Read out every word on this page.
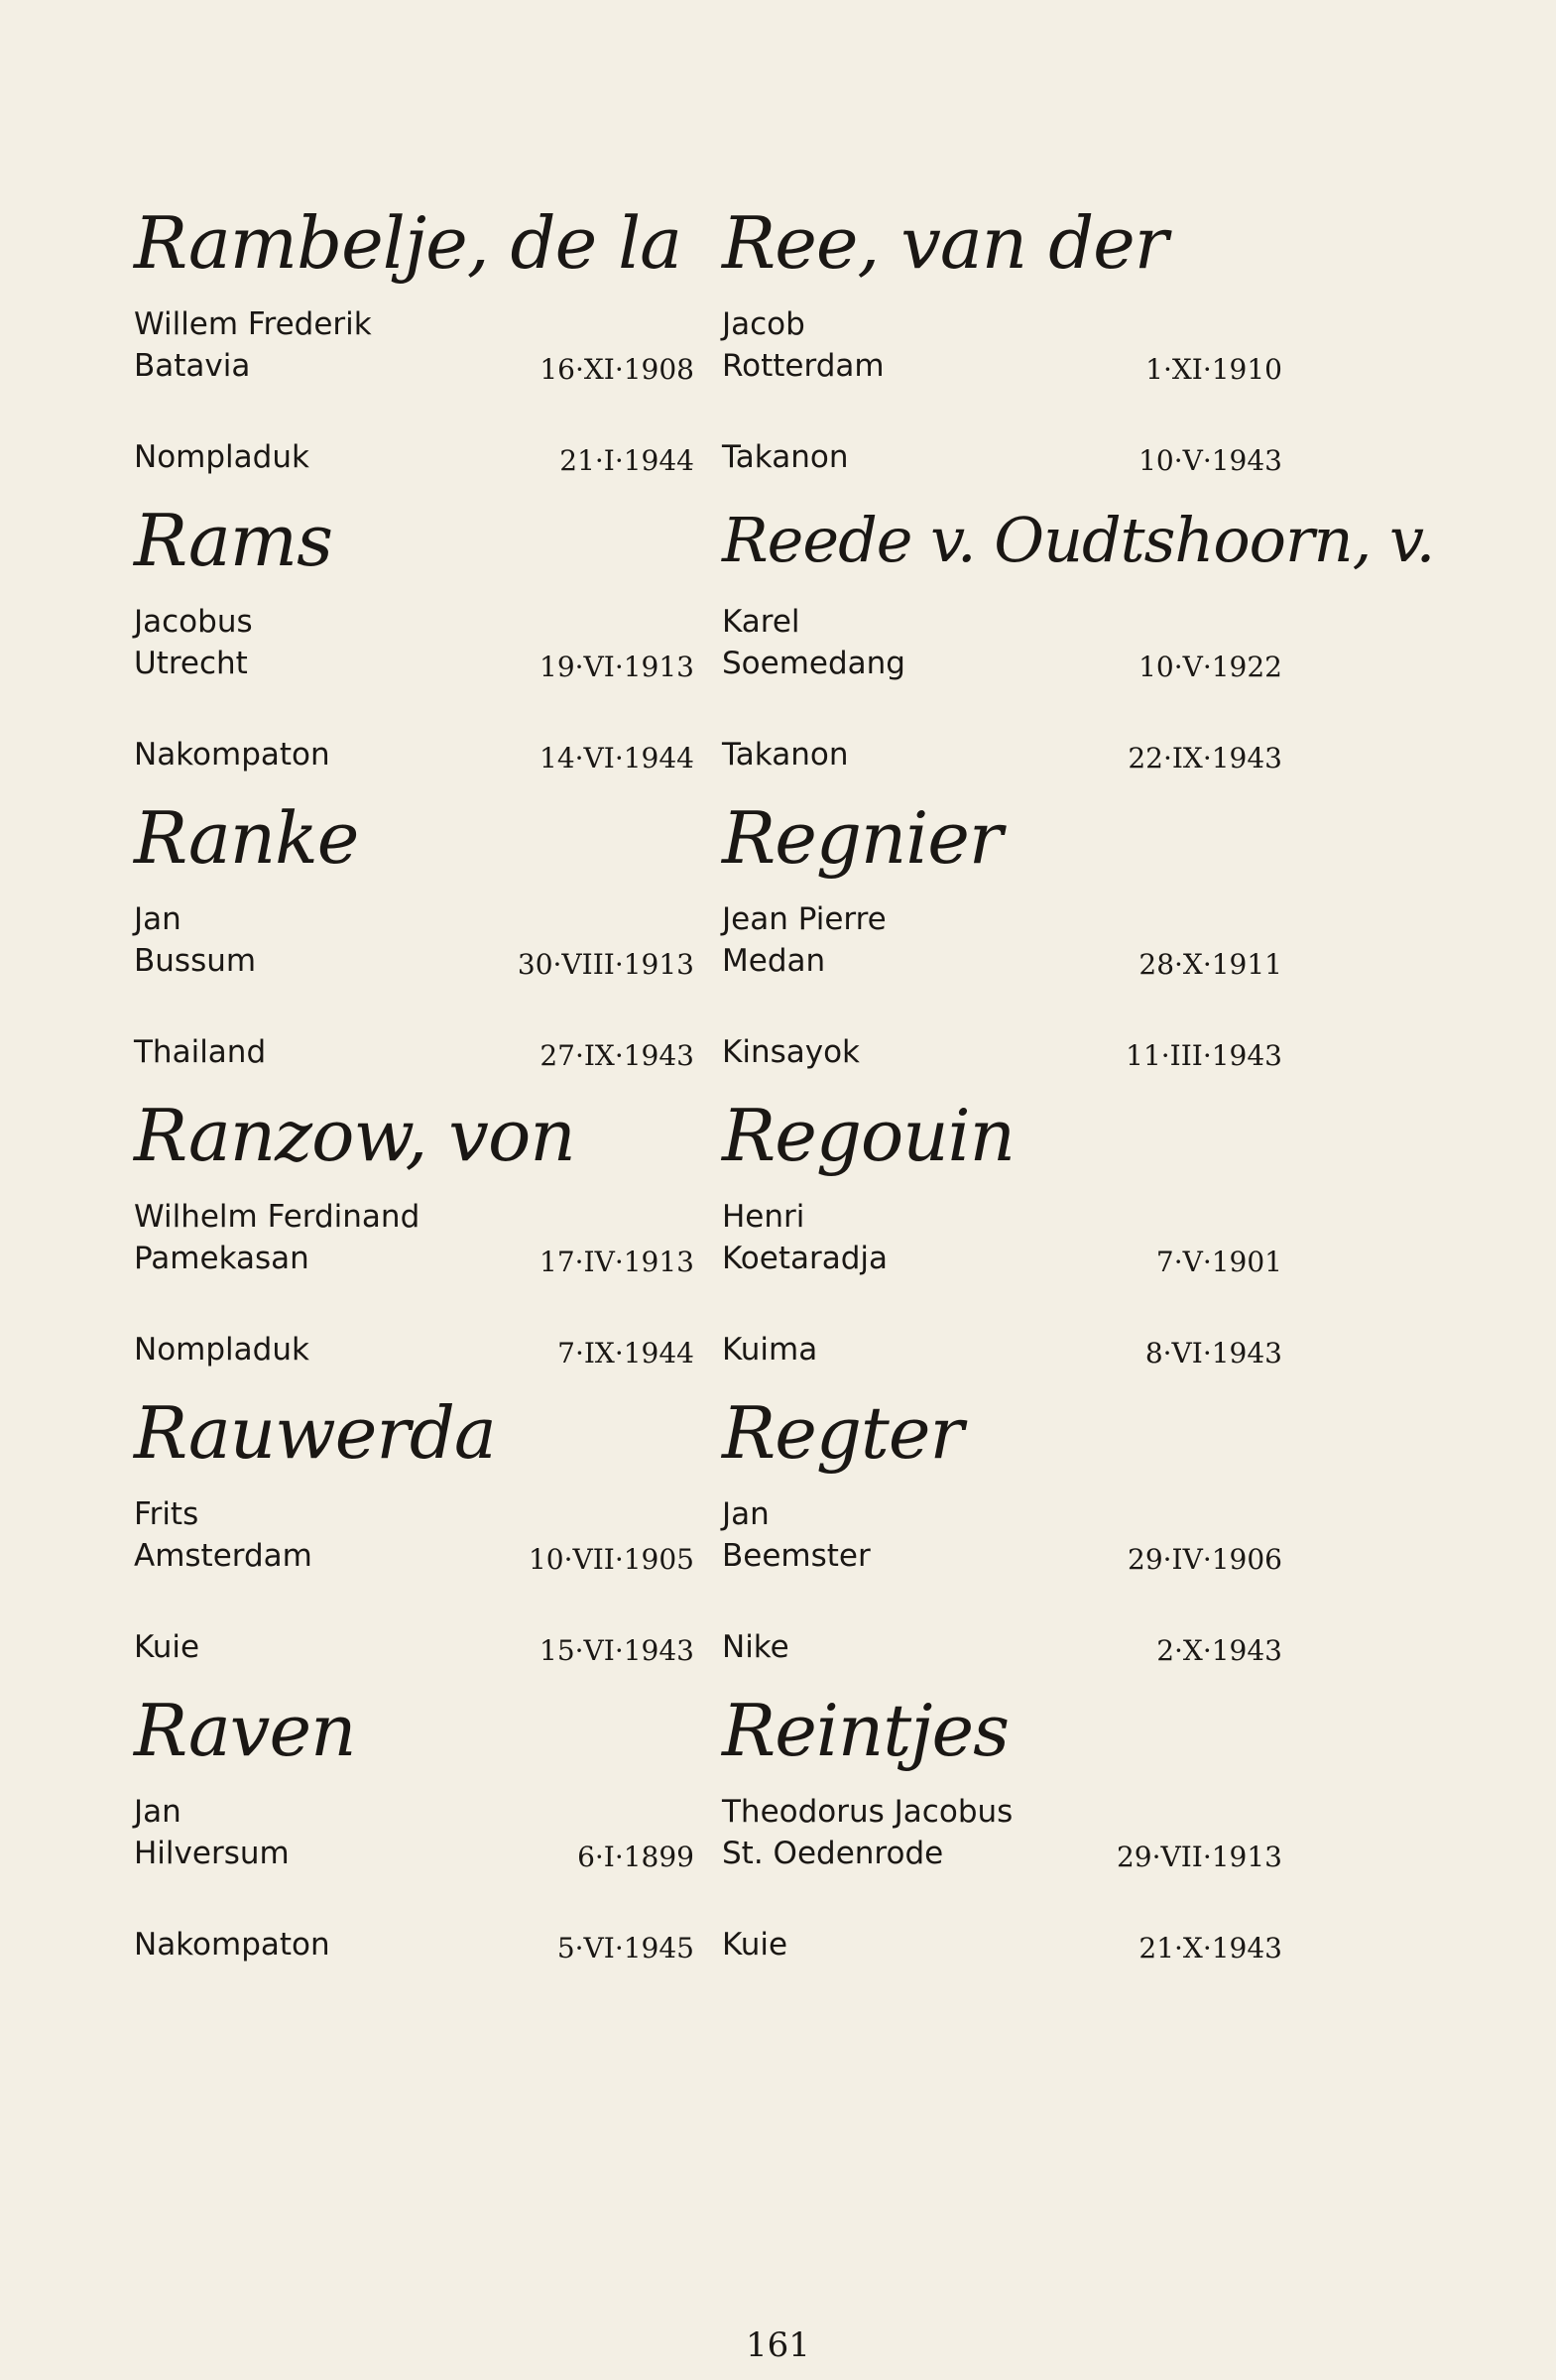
Rambelje, de la
Willem Frederik
Batavia	16·XI·1908
Nompladuk	21·I·1944
Rams
Jacobus
Utrecht	19·VI·1913
Nakompaton	14·VI·1944
Ranke
Jan
Bussum	30·VIII·1913
Thailand	27·IX·1943
Ranzow, von
Wilhelm Ferdinand
Pamekasan	17·IV·1913
Nompladuk	7·IX·1944
Rauwerda
Frits
Amsterdam	10·VII·1905
Kuie	15·VI·1943
Raven
Jan
Hilversum	6·I·1899
Nakompaton	5·VI·1945
Ree, van der
Jacob
Rotterdam	1·XI·1910
Takanon	10·V·1943
Reede v. Oudtshoorn, v.
Karel
Soemedang	10·V·1922
Takanon	22·IX·1943
Regnier
Jean Pierre
Medan	28·X·1911
Kinsayok	11·III·1943
Regouin
Henri
Koetaradja	7·V·1901
Kuima	8·VI·1943
Regter
Jan
Beemster	29·IV·1906
Nike	2·X·1943
Reintjes
Theodorus Jacobus
St. Oedenrode	29·VII·1913
Kuie	21·X·1943
161
